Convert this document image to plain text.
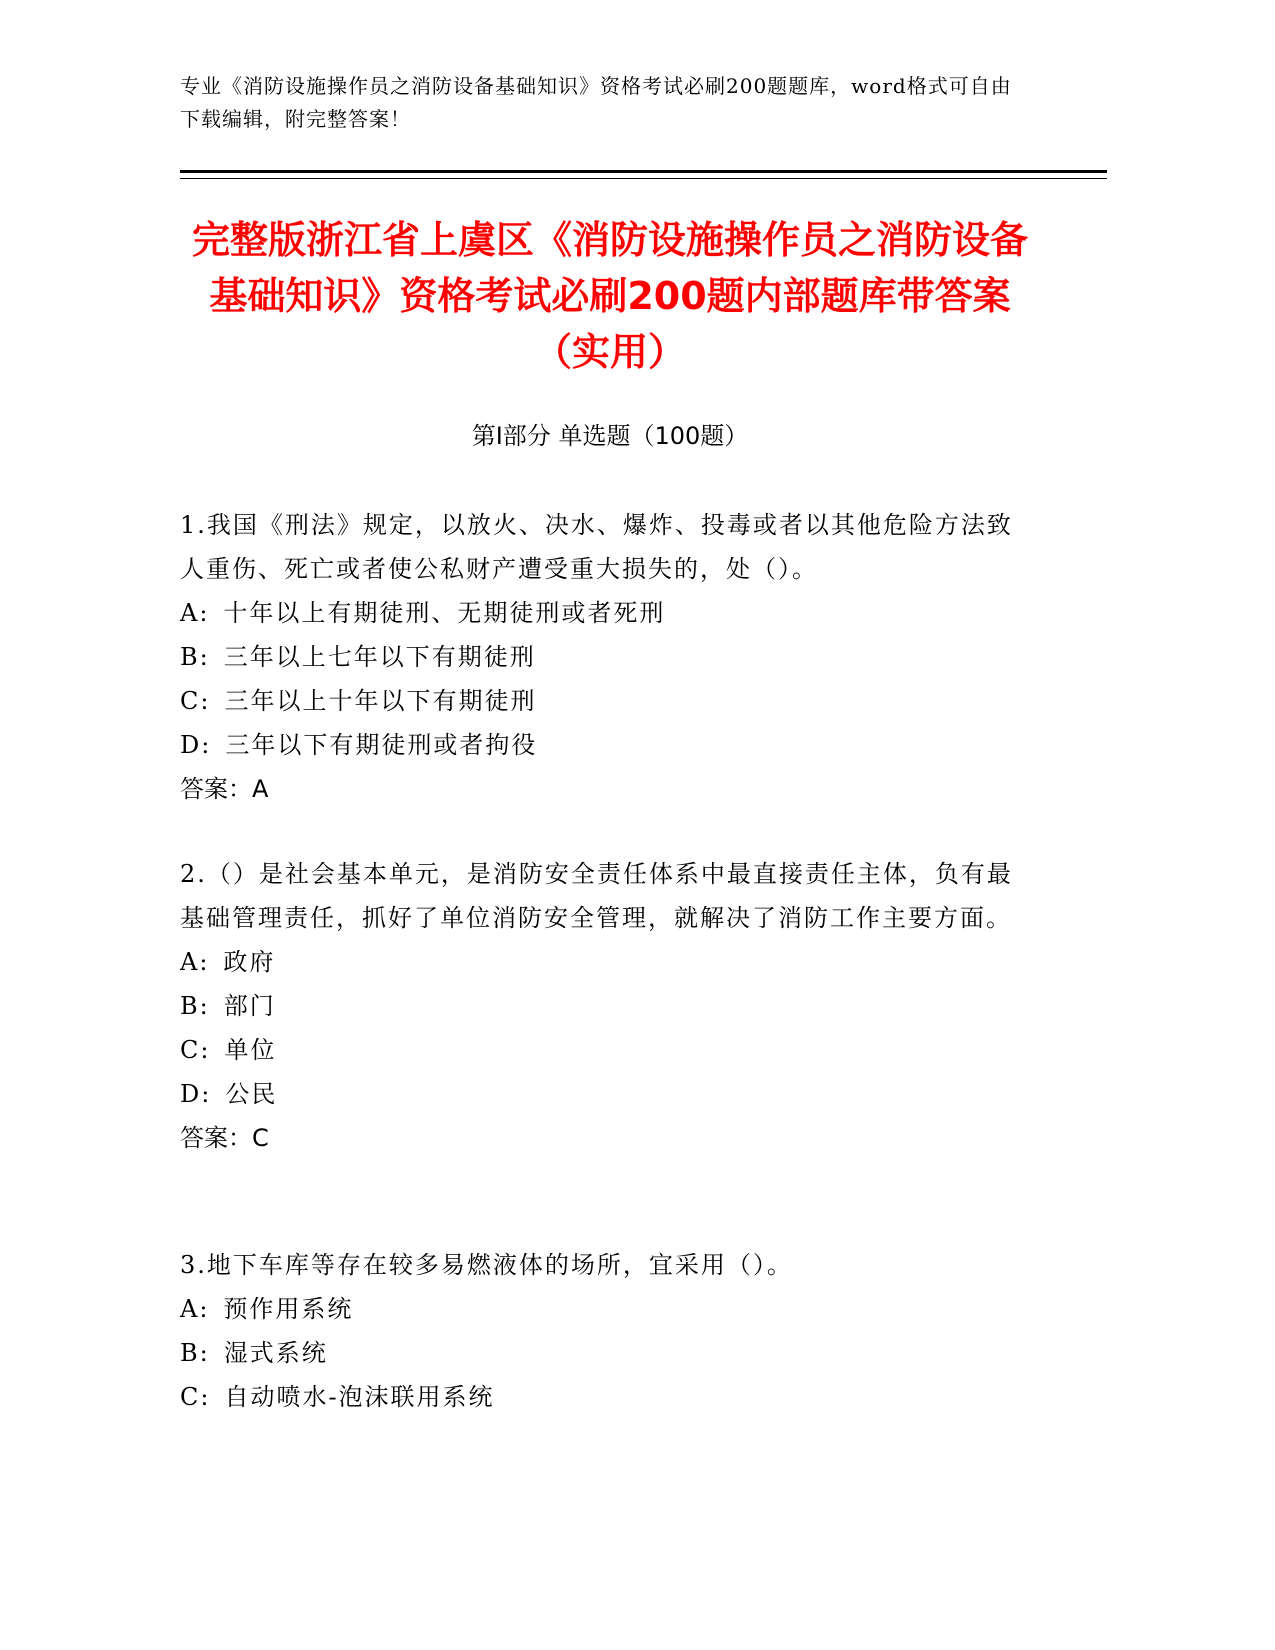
专业《消防设施操作员之消防设备基础知识》资格考试必刷200题题库，word格式可自由下载编辑，附完整答案！
完整版浙江省上虞区《消防设施操作员之消防设备基础知识》资格考试必刷200题内部题库带答案（实用）
第I部分 单选题（100题）
1.我国《刑法》规定，以放火、决水、爆炸、投毒或者以其他危险方法致人重伤、死亡或者使公私财产遭受重大损失的，处（）。
A: 十年以上有期徒刑、无期徒刑或者死刑
B: 三年以上七年以下有期徒刑
C: 三年以上十年以下有期徒刑
D: 三年以下有期徒刑或者拘役
答案：A
2.（）是社会基本单元，是消防安全责任体系中最直接责任主体，负有最基础管理责任，抓好了单位消防安全管理，就解决了消防工作主要方面。
A: 政府
B: 部门
C: 单位
D: 公民
答案：C
3.地下车库等存在较多易燃液体的场所，宜采用（）。
A: 预作用系统
B: 湿式系统
C: 自动喷水-泡沫联用系统
